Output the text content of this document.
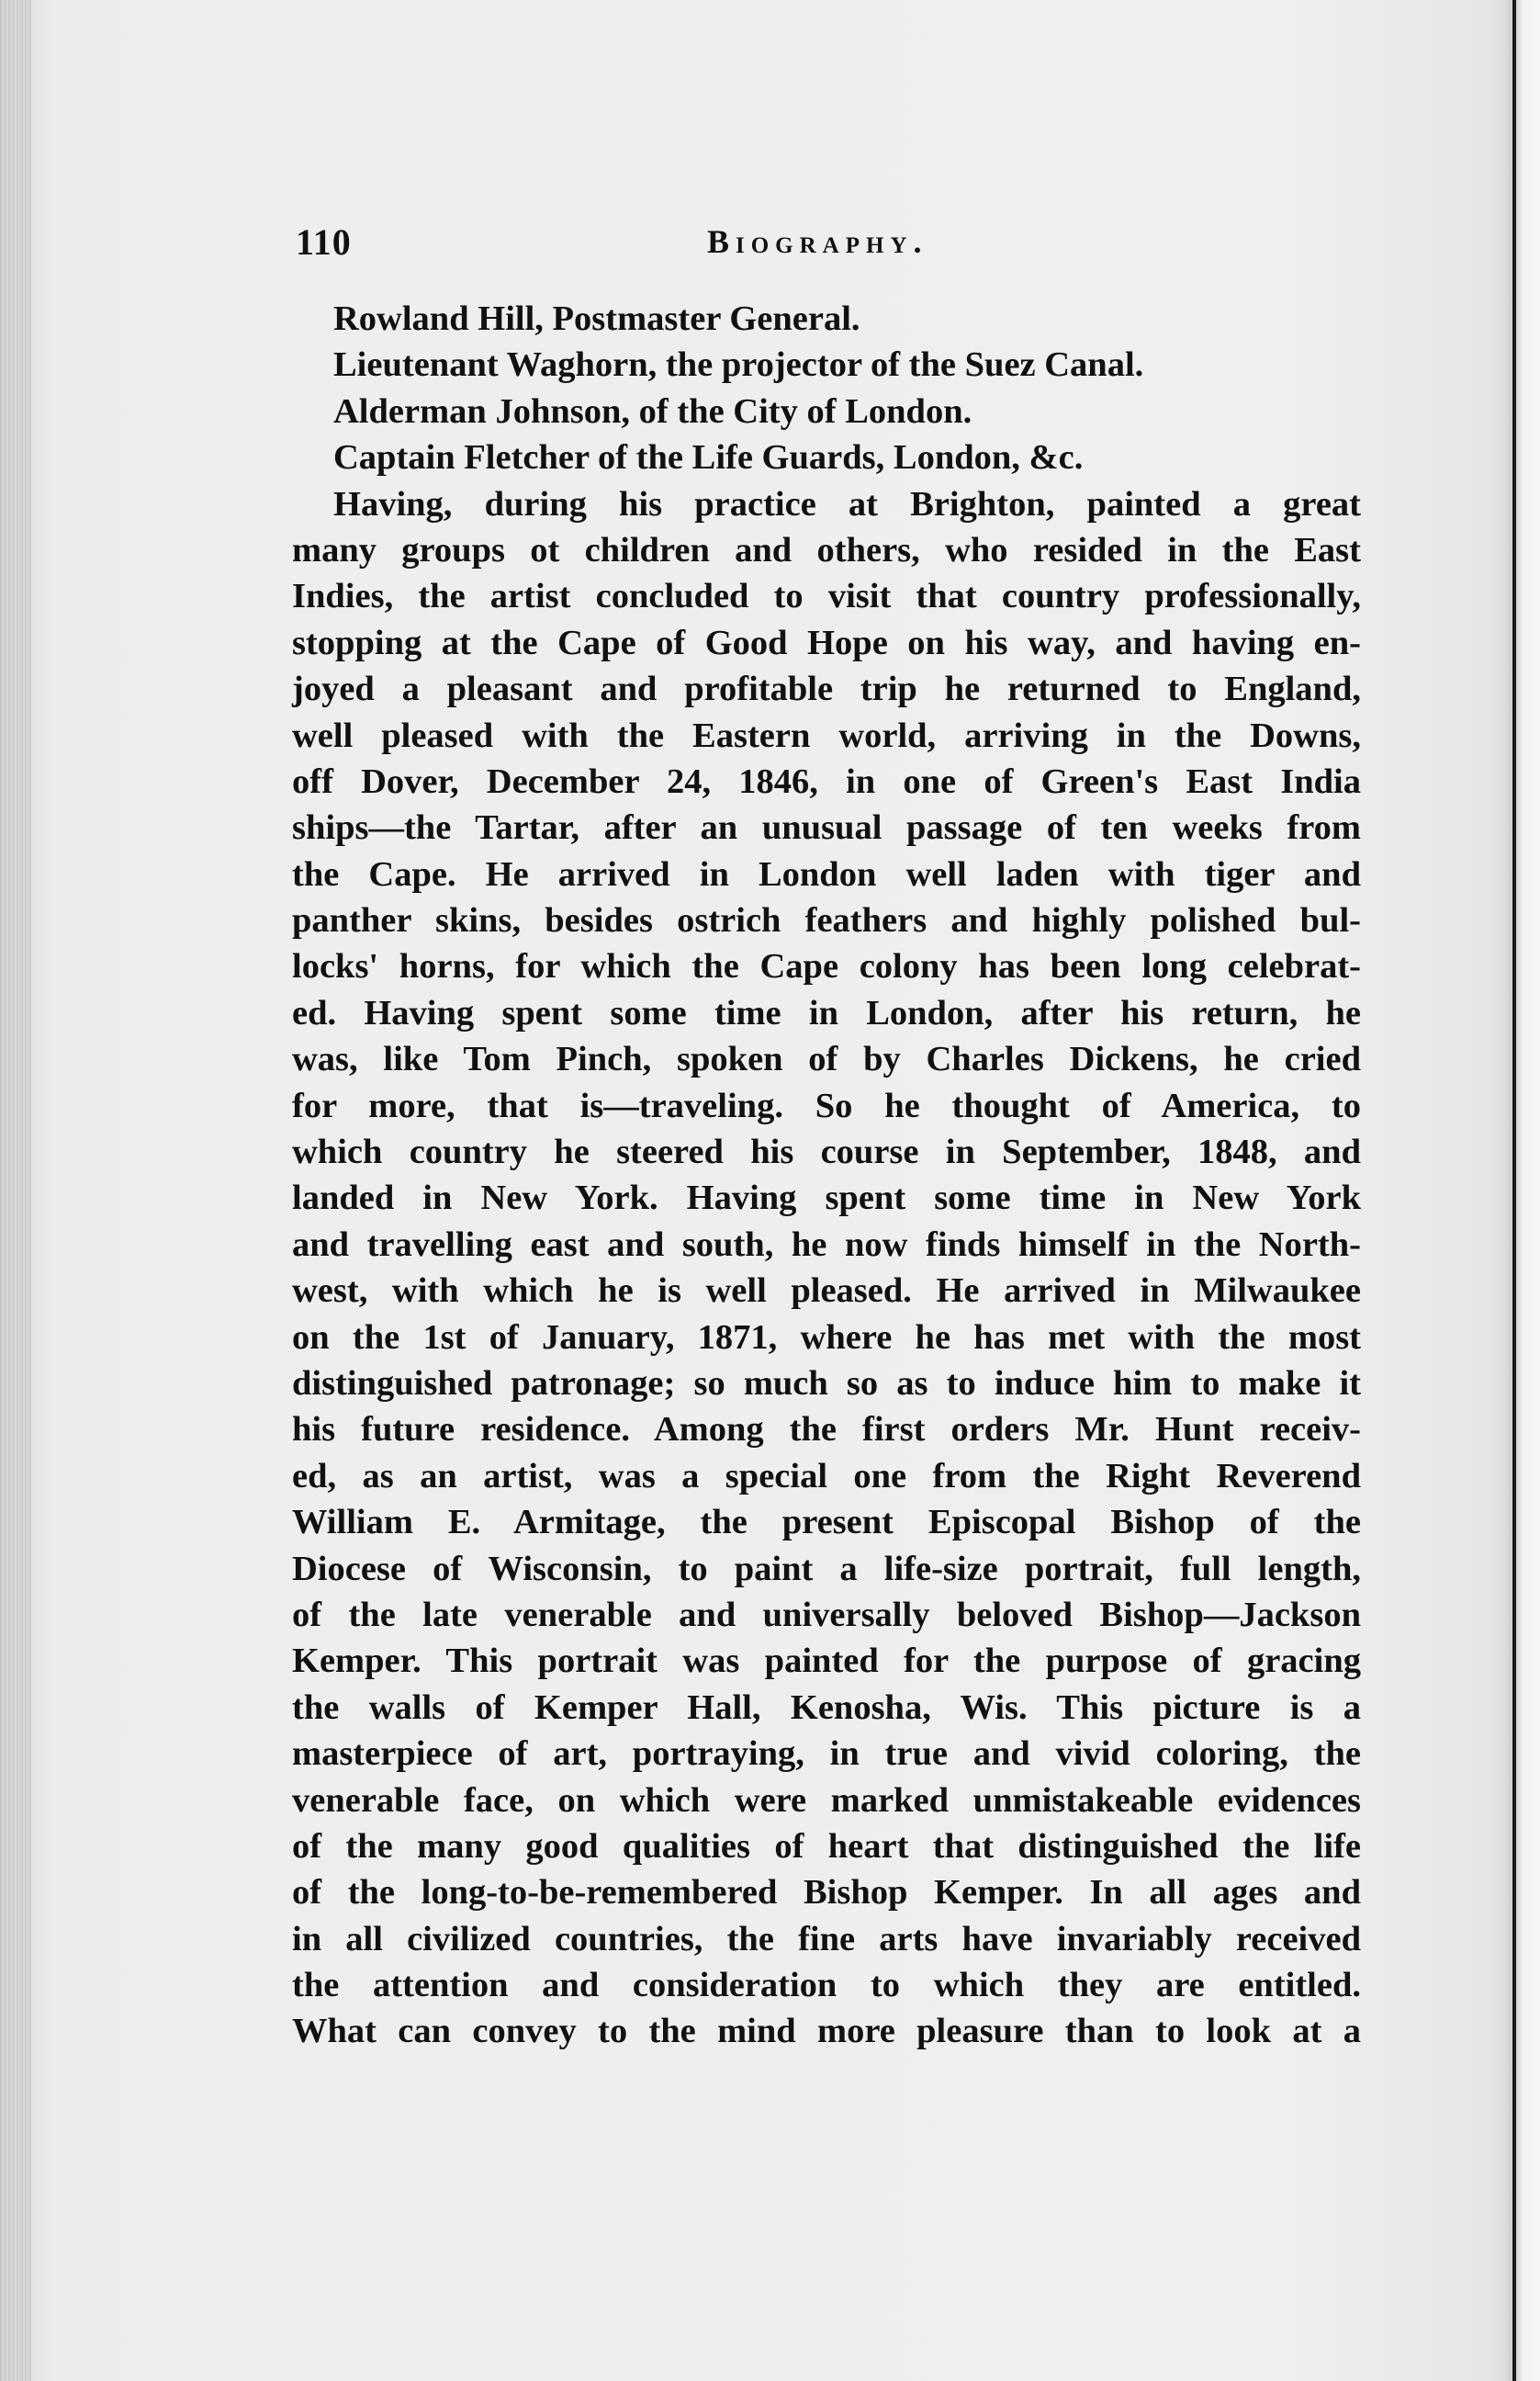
110	Biography.
Rowland Hill, Postmaster General.
Lieutenant Waghorn, the projector of the Suez Canal.
Alderman Johnson, of the City of London.
Captain Fletcher of the Life Guards, London, &c.
Having, during his practice at Brighton, painted a great
many groups ot children and others, who resided in the East
Indies, the artist concluded to visit that country professionally,
stopping at the Cape of Good Hope on his way, and having en-
joyed a pleasant and profitable trip he returned to England,
well pleased with the Eastern world, arriving in the Downs,
off Dover, December 24, 1846, in one of Green's East India
ships—the Tartar, after an unusual passage of ten weeks from
the Cape. He arrived in London well laden with tiger and
panther skins, besides ostrich feathers and highly polished bul-
locks' horns, for which the Cape colony has been long celebrat-
ed. Having spent some time in London, after his return, he
was, like Tom Pinch, spoken of by Charles Dickens, he cried
for more, that is—traveling. So he thought of America, to
which country he steered his course in September, 1848, and
landed in New York. Having spent some time in New York
and travelling east and south, he now finds himself in the North-
west, with which he is well pleased. He arrived in Milwaukee
on the 1st of January, 1871, where he has met with the most
distinguished patronage; so much so as to induce him to make it
his future residence. Among the first orders Mr. Hunt receiv-
ed, as an artist, was a special one from the Right Reverend
William E. Armitage, the present Episcopal Bishop of the
Diocese of Wisconsin, to paint a life-size portrait, full length,
of the late venerable and universally beloved Bishop—Jackson
Kemper. This portrait was painted for the purpose of gracing
the walls of Kemper Hall, Kenosha, Wis. This picture is a
masterpiece of art, portraying, in true and vivid coloring, the
venerable face, on which were marked unmistakeable evidences
of the many good qualities of heart that distinguished the life
of the long-to-be-remembered Bishop Kemper. In all ages and
in all civilized countries, the fine arts have invariably received
the attention and consideration to which they are entitled.
What can convey to the mind more pleasure than to look at a
